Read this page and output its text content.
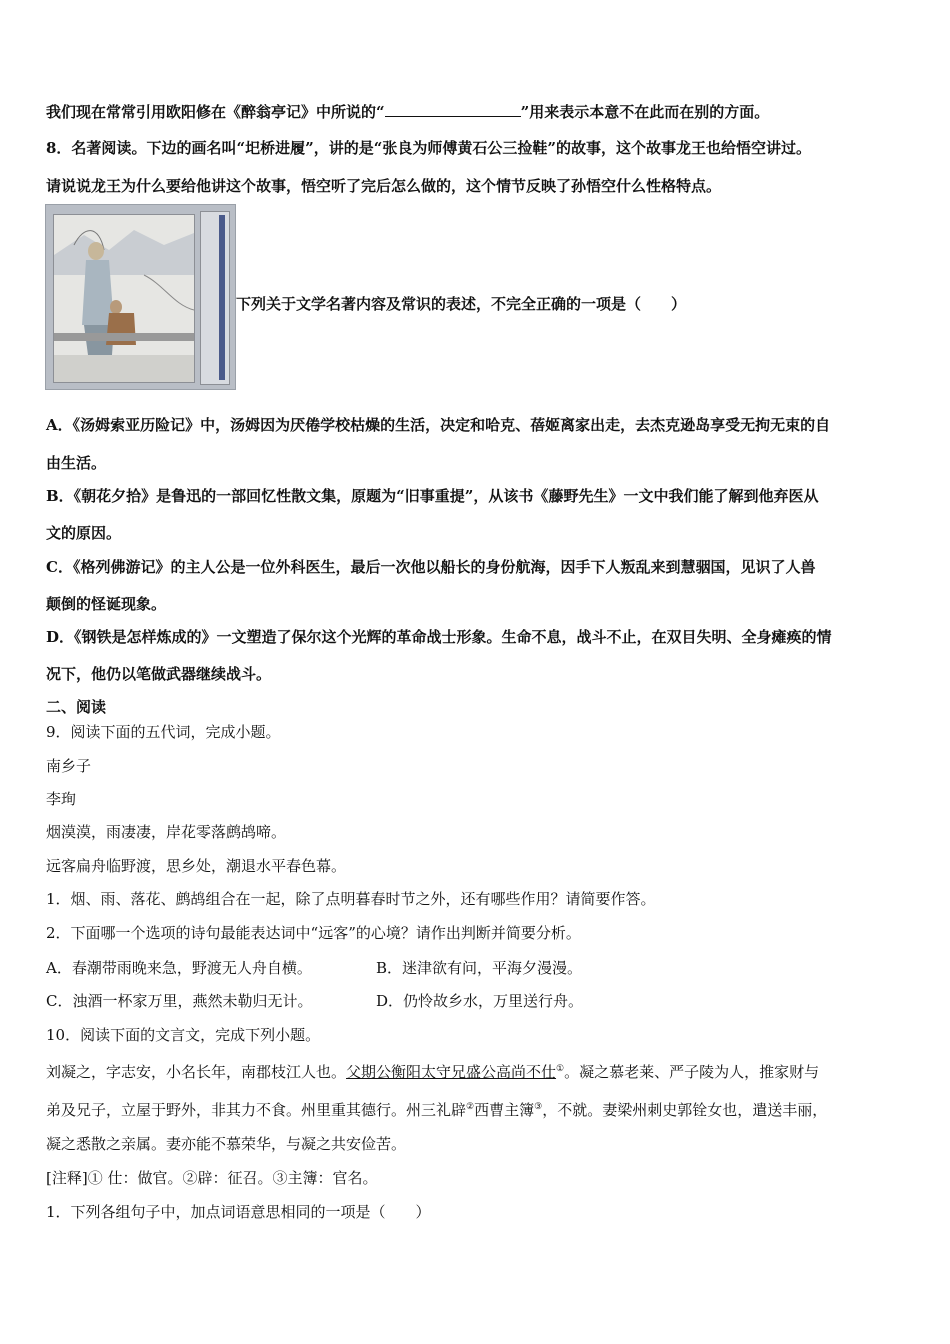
我们现在常常引用欧阳修在《醉翁亭记》中所说的“	”用来表示本意不在此而在别的方面。
8．名著阅读。下边的画名叫“圯桥进履”，讲的是“张良为师傅黄石公三捡鞋”的故事，这个故事龙王也给悟空讲过。
请说说龙王为什么要给他讲这个故事，悟空听了完后怎么做的，这个情节反映了孙悟空什么性格特点。
下列关于文学名著内容及常识的表述，不完全正确的一项是（　　）
A．《汤姆索亚历险记》中，汤姆因为厌倦学校枯燥的生活，决定和哈克、蓓姬离家出走，去杰克逊岛享受无拘无束的自
由生活。
B．《朝花夕拾》是鲁迅的一部回忆性散文集，原题为“旧事重提”，从该书《藤野先生》一文中我们能了解到他弃医从
文的原因。
C．《格列佛游记》的主人公是一位外科医生，最后一次他以船长的身份航海，因手下人叛乱来到慧骃国，见识了人兽
颠倒的怪诞现象。
D．《钢铁是怎样炼成的》一文塑造了保尔这个光辉的革命战士形象。生命不息，战斗不止，在双目失明、全身瘫痪的情
况下，他仍以笔做武器继续战斗。
二、阅读
9．阅读下面的五代词，完成小题。
南乡子
李珣
烟漠漠，雨凄凄，岸花零落鹧鸪啼。
远客扁舟临野渡，思乡处，潮退水平春色幕。
1．烟、雨、落花、鹧鸪组合在一起，除了点明暮春时节之外，还有哪些作用？请简要作答。
2．下面哪一个选项的诗句最能表达词中“远客”的心境？请作出判断并简要分析。
A．春潮带雨晚来急，野渡无人舟自横。	B．迷津欲有问，平海夕漫漫。
C．浊酒一杯家万里，燕然未勒归无计。	D．仍怜故乡水，万里送行舟。
10．阅读下面的文言文，完成下列小题。
刘凝之，字志安，小名长年，南郡枝江人也。父期公衡阳太守兄盛公高尚不仕①。凝之慕老莱、严子陵为人，推家财与
弟及兄子，立屋于野外，非其力不食。州里重其德行。州三礼辟②西曹主簿③，不就。妻梁州刺史郭铨女也，遣送丰丽，
凝之悉散之亲属。妻亦能不慕荣华，与凝之共安俭苦。
[注释]① 仕：做官。②辟：征召。③主簿：官名。
1．下列各组句子中，加点词语意思相同的一项是（　　）
